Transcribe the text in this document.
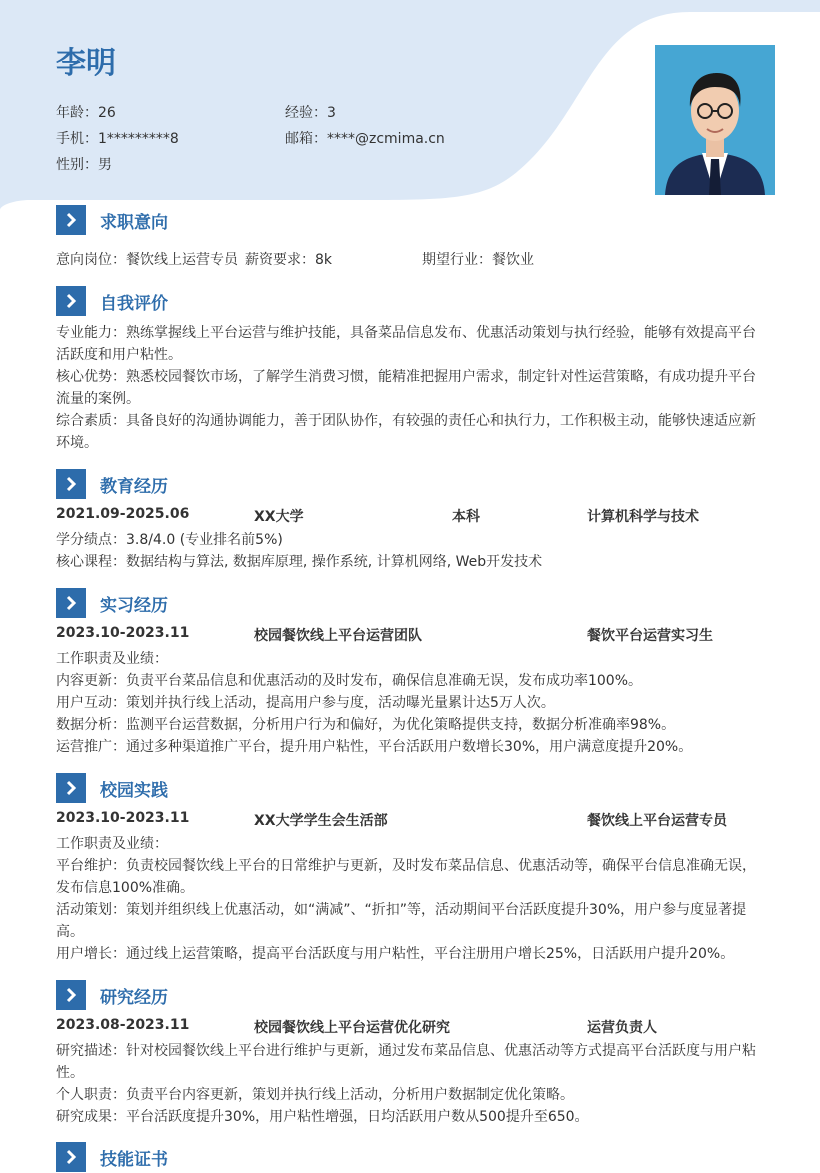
李明
年龄：26	经验：3
手机：1*********8	邮箱：****@zcmima.cn
性别：男
求职意向
意向岗位：餐饮线上运营专员 薪资要求：8k	期望行业：餐饮业
自我评价
专业能力：熟练掌握线上平台运营与维护技能，具备菜品信息发布、优惠活动策划与执行经验，能够有效提高平台活跃度和用户粘性。
核心优势：熟悉校园餐饮市场，了解学生消费习惯，能精准把握用户需求，制定针对性运营策略，有成功提升平台流量的案例。
综合素质：具备良好的沟通协调能力，善于团队协作，有较强的责任心和执行力，工作积极主动，能够快速适应新环境。
教育经历
2021.09-2025.06	XX大学	本科	计算机科学与技术
学分绩点：3.8/4.0 (专业排名前5%)
核心课程：数据结构与算法, 数据库原理, 操作系统, 计算机网络, Web开发技术
实习经历
2023.10-2023.11	校园餐饮线上平台运营团队	餐饮平台运营实习生
工作职责及业绩：
内容更新：负责平台菜品信息和优惠活动的及时发布，确保信息准确无误，发布成功率100%。
用户互动：策划并执行线上活动，提高用户参与度，活动曝光量累计达5万人次。
数据分析：监测平台运营数据，分析用户行为和偏好，为优化策略提供支持，数据分析准确率98%。
运营推广：通过多种渠道推广平台，提升用户粘性，平台活跃用户数增长30%，用户满意度提升20%。
校园实践
2023.10-2023.11	XX大学学生会生活部	餐饮线上平台运营专员
工作职责及业绩：
平台维护：负责校园餐饮线上平台的日常维护与更新，及时发布菜品信息、优惠活动等，确保平台信息准确无误，发布信息100%准确。
活动策划：策划并组织线上优惠活动，如“满减”、“折扣”等，活动期间平台活跃度提升30%，用户参与度显著提高。
用户增长：通过线上运营策略，提高平台活跃度与用户粘性，平台注册用户增长25%，日活跃用户提升20%。
研究经历
2023.08-2023.11	校园餐饮线上平台运营优化研究	运营负责人
研究描述：针对校园餐饮线上平台进行维护与更新，通过发布菜品信息、优惠活动等方式提高平台活跃度与用户粘性。
个人职责：负责平台内容更新，策划并执行线上活动，分析用户数据制定优化策略。
研究成果：平台活跃度提升30%，用户粘性增强，日均活跃用户数从500提升至650。
技能证书
